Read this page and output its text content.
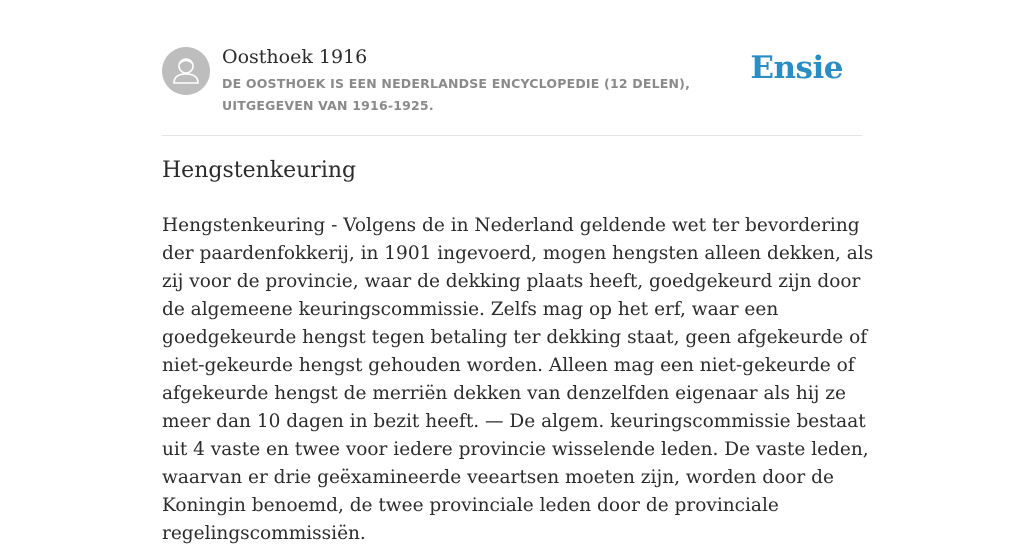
Oosthoek 1916
DE OOSTHOEK IS EEN NEDERLANDSE ENCYCLOPEDIE (12 DELEN), UITGEGEVEN VAN 1916-1925.
Ensie
Hengstenkeuring

Hengstenkeuring - Volgens de in Nederland geldende wet ter bevordering der paardenfokkerij, in 1901 ingevoerd, mogen hengsten alleen dekken, als zij voor de provincie, waar de dekking plaats heeft, goedgekeurd zijn door de algemeene keuringscommissie. Zelfs mag op het erf, waar een goedgekeurde hengst tegen betaling ter dekking staat, geen afgekeurde of niet-gekeurde hengst gehouden worden. Alleen mag een niet-gekeurde of afgekeurde hengst de merriën dekken van denzelfden eigenaar als hij ze meer dan 10 dagen in bezit heeft. — De algem. keuringscommissie bestaat uit 4 vaste en twee voor iedere provincie wisselende leden. De vaste leden, waarvan er drie geëxamineerde veeartsen moeten zijn, worden door de Koningin benoemd, de twee provinciale leden door de provinciale regelingscommissiën.
